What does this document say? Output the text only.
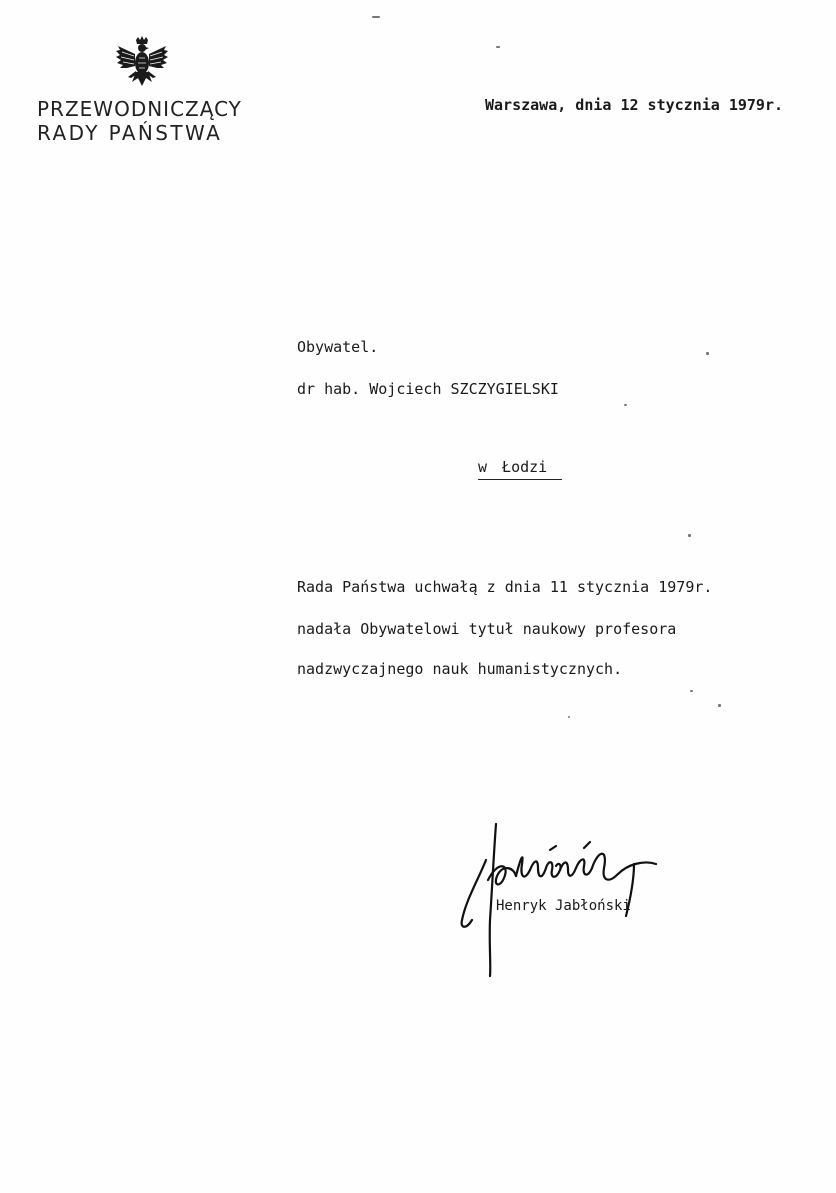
PRZEWODNICZĄCY
RADY PAŃSTWA
Warszawa, dnia 12 stycznia 1979r.
Obywatel.
dr hab. Wojciech SZCZYGIELSKI
w Łodzi
Rada Państwa uchwałą z dnia 11 stycznia 1979r.
nadała Obywatelowi tytuł naukowy profesora
nadzwyczajnego nauk humanistycznych.
Henryk Jabłoński
